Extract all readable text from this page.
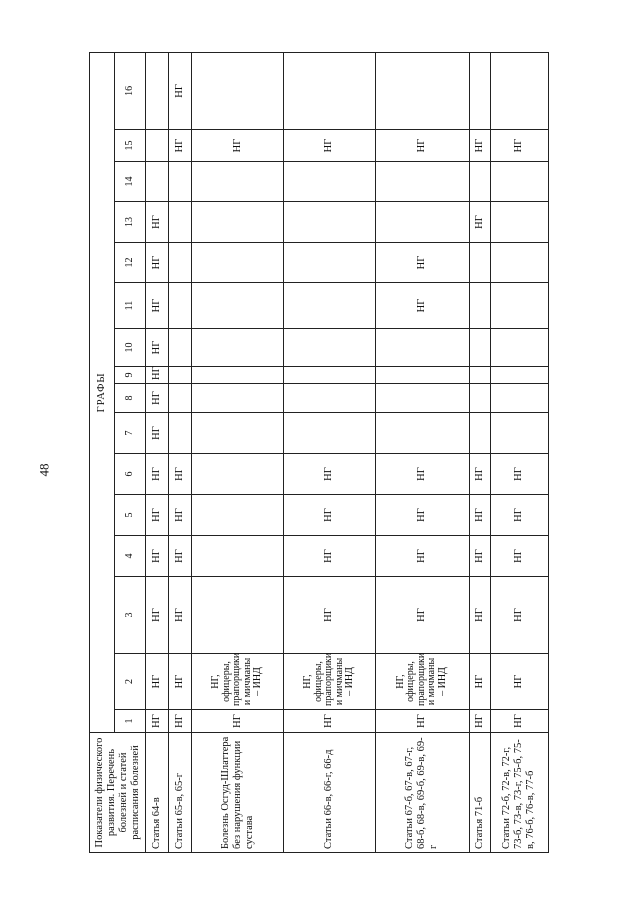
48
Показатели физического развития. Перечень болезней и статей расписания болезней	ГРАФЫ															
	1	2	3	4	5	6	7	8	9	10	11	12	13	14	15	16
Статья 64-в	НГ	НГ	НГ	НГ	НГ	НГ	НГ	НГ	НГ	НГ	НГ	НГ	НГ			
Статьи 65-в, 65-г	НГ	НГ	НГ	НГ	НГ	НГ									НГ	НГ
Болезнь Осгуд-Шлаттера без нарушения функции сустава	НГ	НГ, офицеры, прапорщики и мичманы – ИНД													НГ	
Статьи 66-в, 66-г, 66-д	НГ	НГ, офицеры, прапорщики и мичманы – ИНД	НГ	НГ	НГ	НГ									НГ	
Статьи 67-б, 67-в, 67-г, 68-б, 68-в, 69-б, 69-в, 69-г	НГ	НГ, офицеры, прапорщики и мичманы – ИНД	НГ	НГ	НГ	НГ					НГ	НГ			НГ	
Статья 71-б	НГ	НГ	НГ	НГ	НГ	НГ							НГ		НГ	
Статьи 72-б, 72-в, 72-г, 73-б, 73-в, 73-г, 75-б, 75-в, 76-б, 76-в, 77-б	НГ	НГ	НГ	НГ	НГ	НГ									НГ	
